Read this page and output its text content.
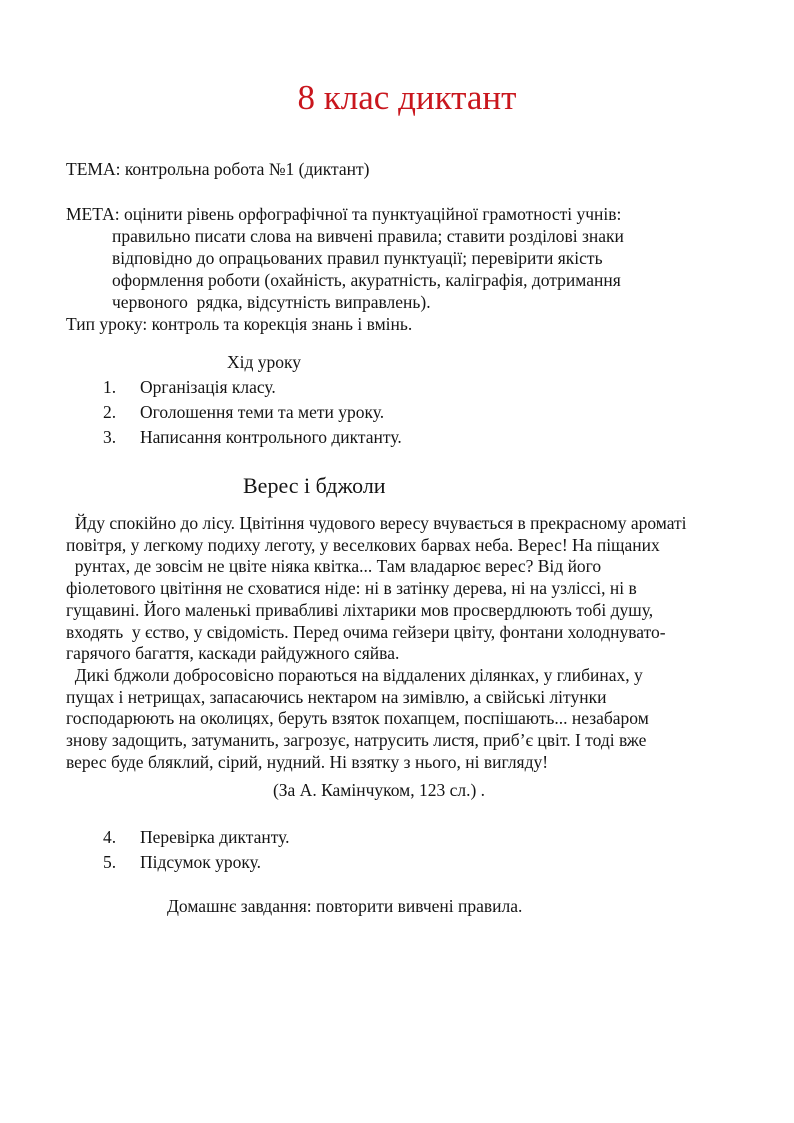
8 клас диктант
ТЕМА: контрольна робота №1 (диктант)
МЕТА: оцінити рівень орфографічної та пунктуаційної грамотності учнів:
правильно писати слова на вивчені правила; ставити розділові знаки
відповідно до опрацьованих правил пунктуації; перевірити якість
оформлення роботи (охайність, акуратність, каліграфія, дотримання
червоного  рядка, відсутність виправлень).
Тип уроку: контроль та корекція знань і вмінь.
Хід уроку
1. Організація класу.
2. Оголошення теми та мети уроку.
3. Написання контрольного диктанту.
Верес і бджоли
Йду спокійно до лісу. Цвітіння чудового вересу вчувається в прекрасному ароматі
повітря, у легкому подиху леготу, у веселкових барвах неба. Верес! На піщаних
рунтах, де зовсім не цвіте ніяка квітка... Там владарює верес? Від його
фіолетового цвітіння не сховатися ніде: ні в затінку дерева, ні на узліссі, ні в
гущавині. Його маленькі привабливі ліхтарики мов просвердлюють тобі душу,
входять  у єство, у свідомість. Перед очима гейзери цвіту, фонтани холоднувато-
гарячого багаття, каскади райдужного сяйва.
Дикі бджоли добросовісно пораються на віддалених ділянках, у глибинах, у
пущах і нетрищах, запасаючись нектаром на зимівлю, а свійські літунки
господарюють на околицях, беруть взяток похапцем, поспішають... незабаром
знову задощить, затуманить, загрозує, натрусить листя, приб’є цвіт. І тоді вже
верес буде бляклий, сірий, нудний. Ні взятку з нього, ні вигляду!
(За А. Камінчуком, 123 сл.) .
4. Перевірка диктанту.
5. Підсумок уроку.
Домашнє завдання: повторити вивчені правила.
